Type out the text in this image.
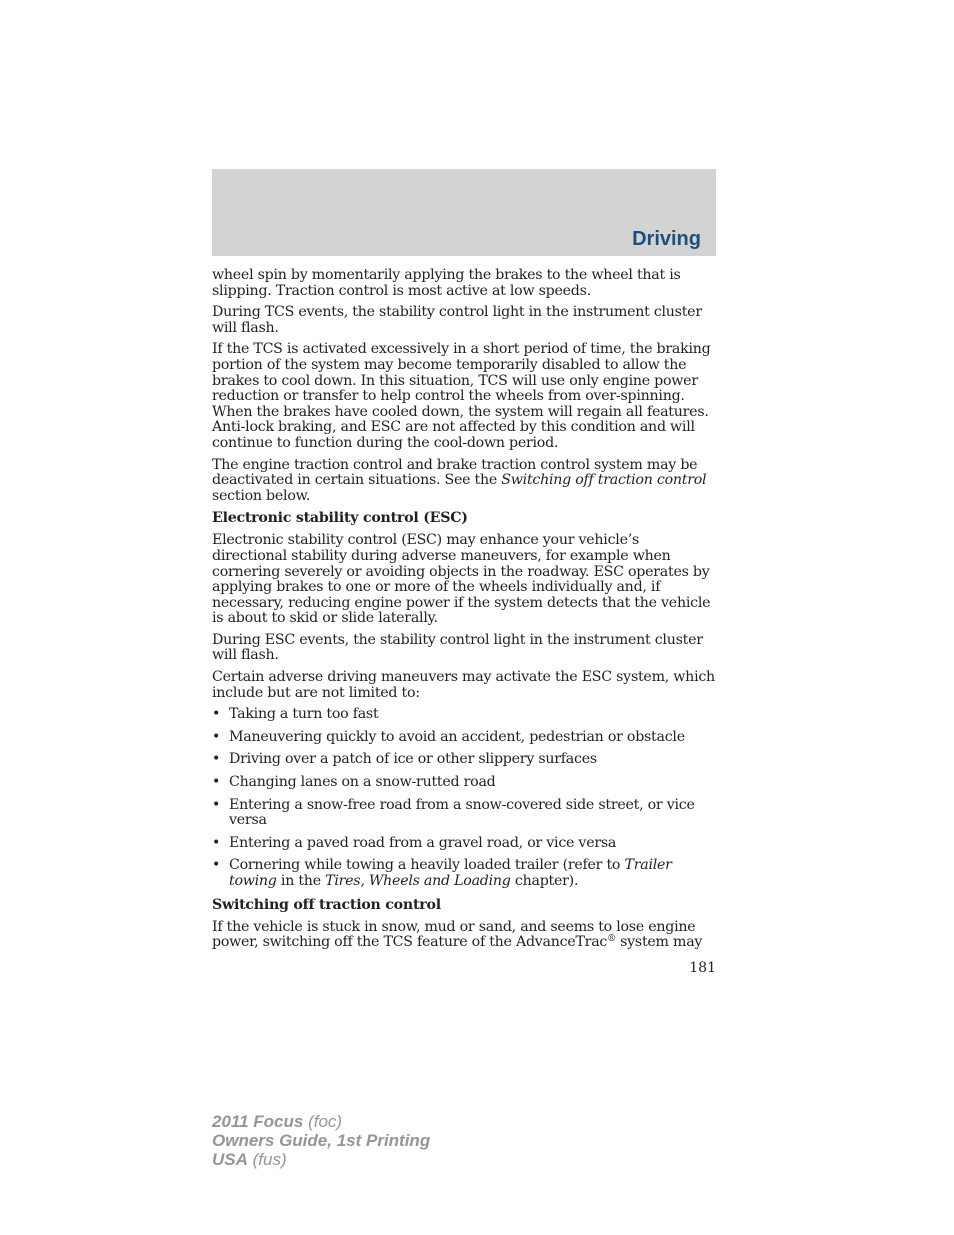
Driving

wheel spin by momentarily applying the brakes to the wheel that is slipping. Traction control is most active at low speeds.

During TCS events, the stability control light in the instrument cluster will flash.

If the TCS is activated excessively in a short period of time, the braking portion of the system may become temporarily disabled to allow the brakes to cool down. In this situation, TCS will use only engine power reduction or transfer to help control the wheels from over-spinning. When the brakes have cooled down, the system will regain all features. Anti-lock braking, and ESC are not affected by this condition and will continue to function during the cool-down period.

The engine traction control and brake traction control system may be deactivated in certain situations. See the Switching off traction control section below.

Electronic stability control (ESC)

Electronic stability control (ESC) may enhance your vehicle’s directional stability during adverse maneuvers, for example when cornering severely or avoiding objects in the roadway. ESC operates by applying brakes to one or more of the wheels individually and, if necessary, reducing engine power if the system detects that the vehicle is about to skid or slide laterally.

During ESC events, the stability control light in the instrument cluster will flash.

Certain adverse driving maneuvers may activate the ESC system, which include but are not limited to:

• Taking a turn too fast
• Maneuvering quickly to avoid an accident, pedestrian or obstacle
• Driving over a patch of ice or other slippery surfaces
• Changing lanes on a snow-rutted road
• Entering a snow-free road from a snow-covered side street, or vice versa
• Entering a paved road from a gravel road, or vice versa
• Cornering while towing a heavily loaded trailer (refer to Trailer towing in the Tires, Wheels and Loading chapter).
Switching off traction control

If the vehicle is stuck in snow, mud or sand, and seems to lose engine power, switching off the TCS feature of the AdvanceTrac® system may

181
2011 Focus (foc)
Owners Guide, 1st Printing
USA (fus)
